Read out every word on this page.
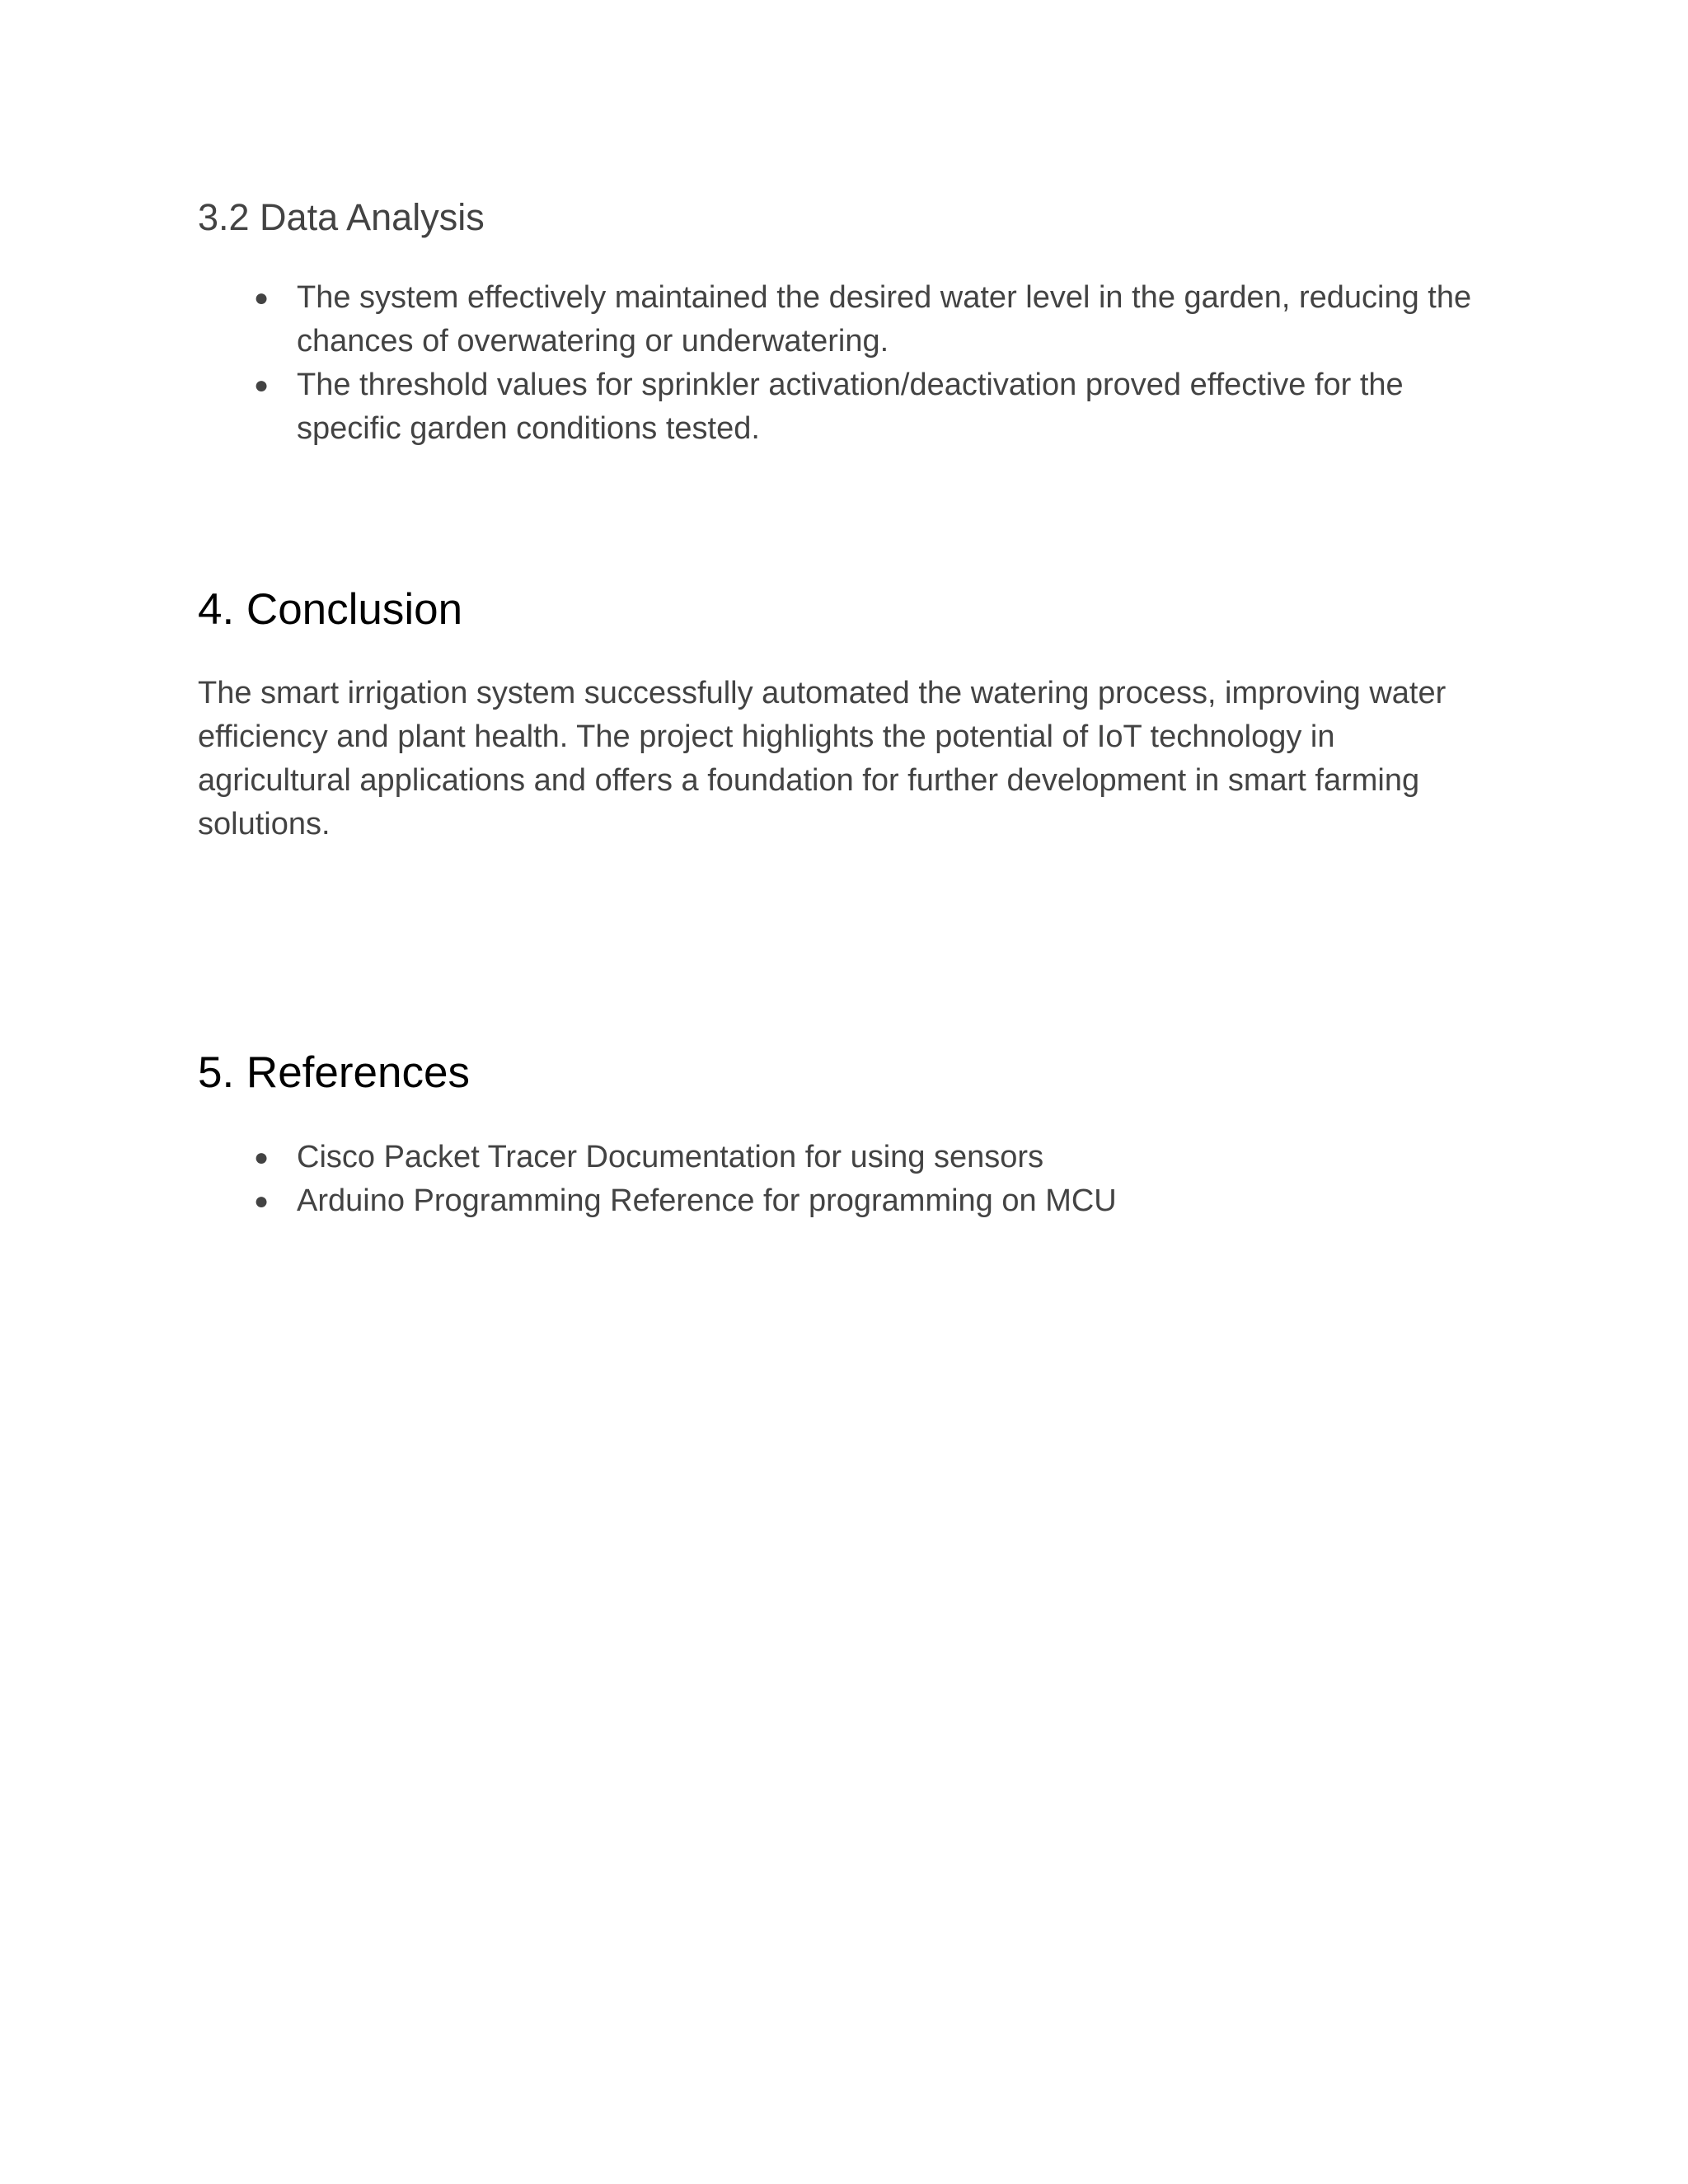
3.2 Data Analysis
● The system effectively maintained the desired water level in the garden, reducing the chances of overwatering or underwatering.
● The threshold values for sprinkler activation/deactivation proved effective for the specific garden conditions tested.
4. Conclusion

The smart irrigation system successfully automated the watering process, improving water efficiency and plant health. The project highlights the potential of IoT technology in agricultural applications and offers a foundation for further development in smart farming solutions.

5. References
● Cisco Packet Tracer Documentation for using sensors
● Arduino Programming Reference for programming on MCU
